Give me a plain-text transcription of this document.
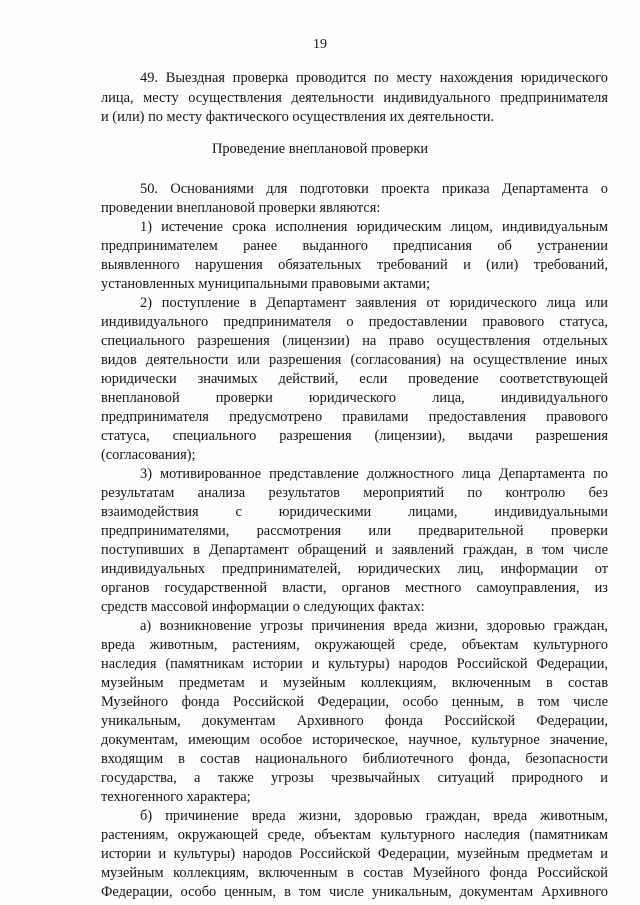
19
49. Выездная проверка проводится по месту нахождения юридического
лица, месту осуществления деятельности индивидуального предпринимателя
и (или) по месту фактического осуществления их деятельности.
Проведение внеплановой проверки
50. Основаниями для подготовки проекта приказа Департамента о
проведении внеплановой проверки являются:
1) истечение срока исполнения юридическим лицом, индивидуальным
предпринимателем ранее выданного предписания об устранении
выявленного нарушения обязательных требований и (или) требований,
установленных муниципальными правовыми актами;
2) поступление в Департамент заявления от юридического лица или
индивидуального предпринимателя о предоставлении правового статуса,
специального разрешения (лицензии) на право осуществления отдельных
видов деятельности или разрешения (согласования) на осуществление иных
юридически значимых действий, если проведение соответствующей
внеплановой проверки юридического лица, индивидуального
предпринимателя предусмотрено правилами предоставления правового
статуса, специального разрешения (лицензии), выдачи разрешения
(согласования);
3) мотивированное представление должностного лица Департамента по
результатам анализа результатов мероприятий по контролю без
взаимодействия с юридическими лицами, индивидуальными
предпринимателями, рассмотрения или предварительной проверки
поступивших в Департамент обращений и заявлений граждан, в том числе
индивидуальных предпринимателей, юридических лиц, информации от
органов государственной власти, органов местного самоуправления, из
средств массовой информации о следующих фактах:
а) возникновение угрозы причинения вреда жизни, здоровью граждан,
вреда животным, растениям, окружающей среде, объектам культурного
наследия (памятникам истории и культуры) народов Российской Федерации,
музейным предметам и музейным коллекциям, включенным в состав
Музейного фонда Российской Федерации, особо ценным, в том числе
уникальным, документам Архивного фонда Российской Федерации,
документам, имеющим особое историческое, научное, культурное значение,
входящим в состав национального библиотечного фонда, безопасности
государства, а также угрозы чрезвычайных ситуаций природного и
техногенного характера;
б) причинение вреда жизни, здоровью граждан, вреда животным,
растениям, окружающей среде, объектам культурного наследия (памятникам
истории и культуры) народов Российской Федерации, музейным предметам и
музейным коллекциям, включенным в состав Музейного фонда Российской
Федерации, особо ценным, в том числе уникальным, документам Архивного
